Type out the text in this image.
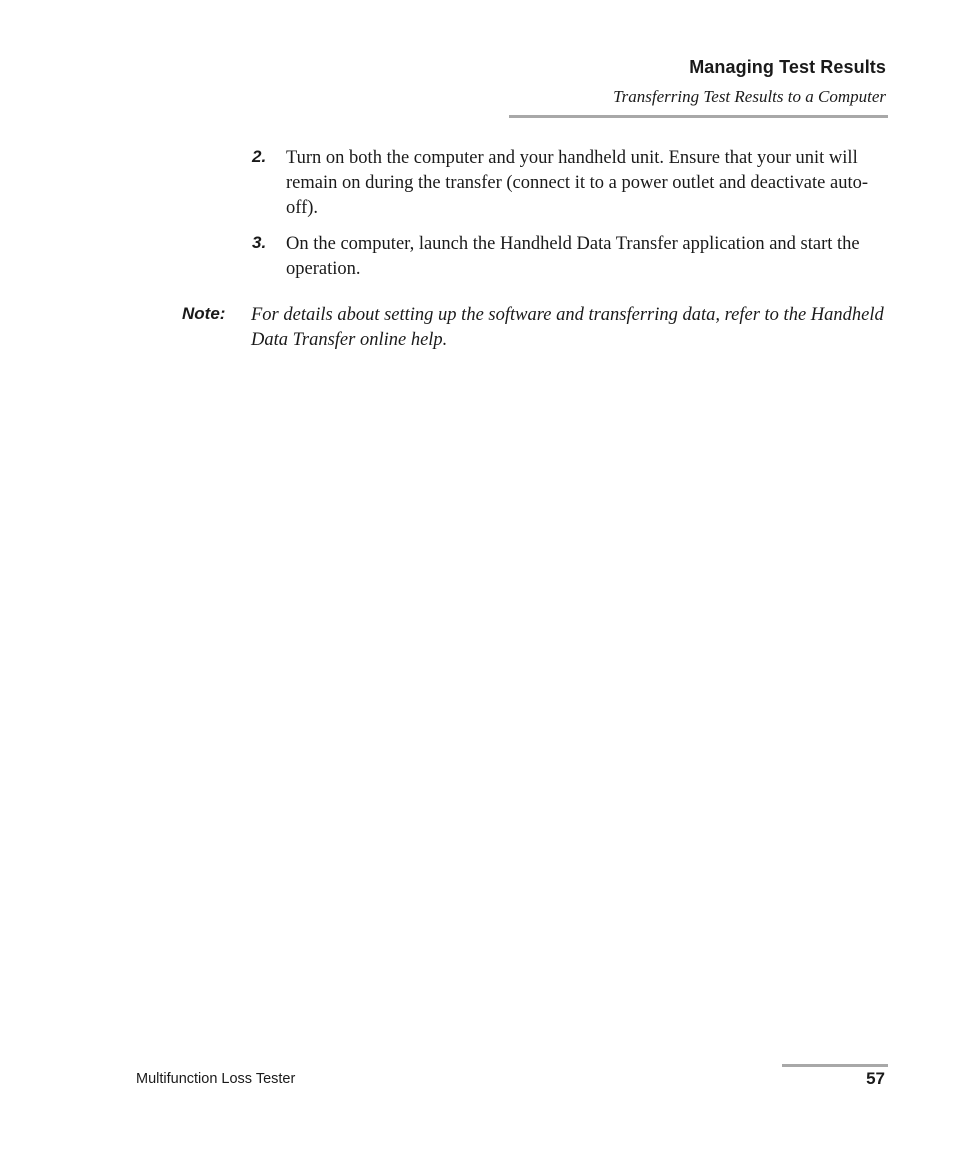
Managing Test Results
Transferring Test Results to a Computer
2. Turn on both the computer and your handheld unit. Ensure that your unit will remain on during the transfer (connect it to a power outlet and deactivate auto-off).
3. On the computer, launch the Handheld Data Transfer application and start the operation.
Note: For details about setting up the software and transferring data, refer to the Handheld Data Transfer online help.
Multifunction Loss Tester	57
